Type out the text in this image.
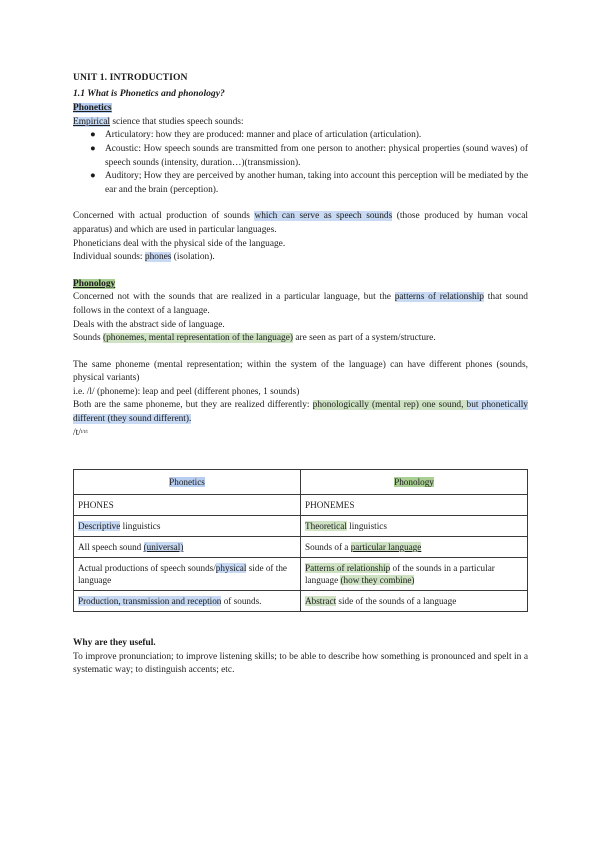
UNIT 1. INTRODUCTION

1.1 What is Phonetics and phonology?

Phonetics

Empirical science that studies speech sounds:

● Articulatory: how they are produced: manner and place of articulation (articulation).
● Acoustic: How speech sounds are transmitted from one person to another: physical properties (sound waves) of speech sounds (intensity, duration…)(transmission).
● Auditory; How they are perceived by another human, taking into account this perception will be mediated by the ear and the brain (perception).

Concerned with actual production of sounds which can serve as speech sounds (those produced by human vocal apparatus) and which are used in particular languages.

Phoneticians deal with the physical side of the language.

Individual sounds: phones (isolation).

Phonology

Concerned not with the sounds that are realized in a particular language, but the patterns of relationship that sound follows in the context of a language.

Deals with the abstract side of language.

Sounds (phonemes, mental representation of the language) are seen as part of a system/structure.

The same phoneme (mental representation; within the system of the language) can have different phones (sounds, physical variants)

i.e. /l/ (phoneme): leap and peel (different phones, 1 sounds)

Both are the same phoneme, but they are realized differently: phonologically (mental rep) one sound, but phonetically different (they sound different).

/t/$^{t/t/t}$

Phonetics	Phonology
PHONES	PHONEMES
Descriptive linguistics	Theoretical linguistics
All speech sound (universal)	Sounds of a particular language
Actual productions of speech sounds/physical side of the language	Patterns of relationship of the sounds in a particular language (how they combine)
Production, transmission and reception of sounds.	Abstract side of the sounds of a language

Why are they useful.

To improve pronunciation; to improve listening skills; to be able to describe how something is pronounced and spelt in a systematic way; to distinguish accents; etc.
